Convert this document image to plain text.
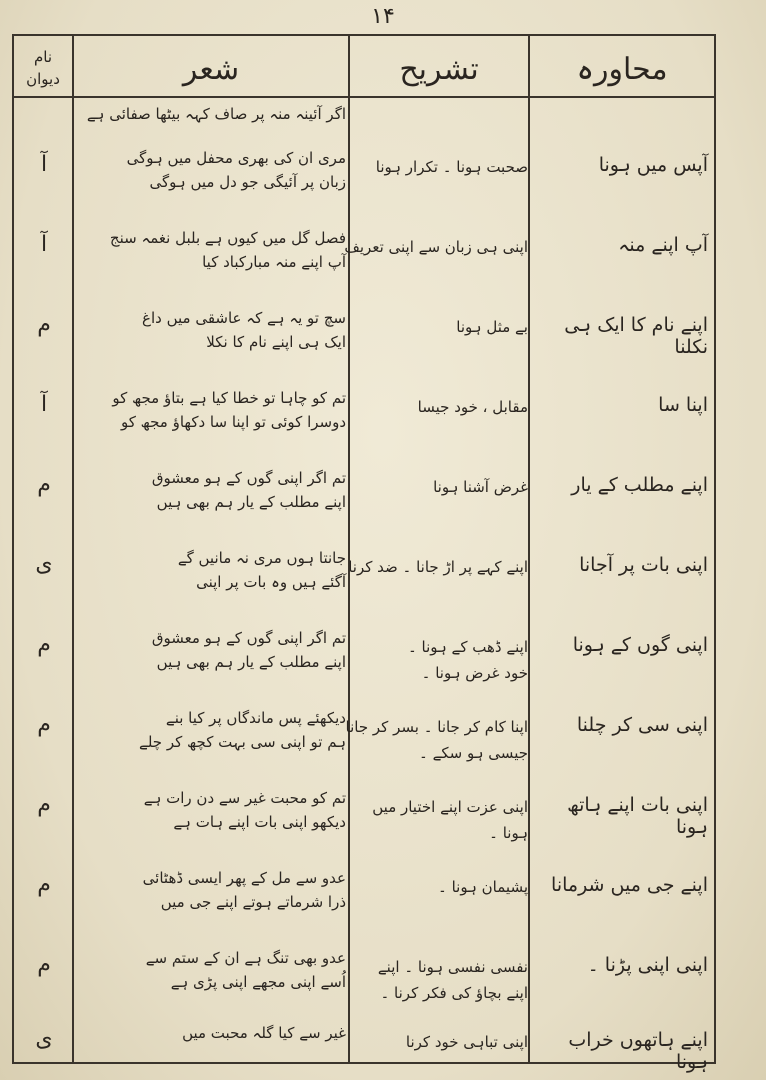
۱۴
محاورہ
تشریح
شعر
نام
دیوان
اگر آئینہ منہ پر صاف کہہ بیٹھا صفائی ہے
آپس میں ہونا
صحبت ہونا ۔ تکرار ہونا
مری ان کی بھری محفل میں ہوگی
زبان پر آئیگی جو دل میں ہوگی
آ
آپ اپنے منہ
اپنی ہی زبان سے اپنی تعریف
فصل گل میں کیوں ہے بلبل نغمہ سنج
آپ اپنے منہ مبارکباد کیا
آ
اپنے نام کا ایک ہی نکلنا
بے مثل ہونا
سچ تو یہ ہے کہ عاشقی میں داغ
ایک ہی اپنے نام کا نکلا
م
اپنا سا
مقابل ، خود جیسا
تم کو چاہا تو خطا کیا ہے بتاؤ مجھ کو
دوسرا کوئی تو اپنا سا دکھاؤ مجھ کو
آ
اپنے مطلب کے یار
غرض آشنا ہونا
تم اگر اپنی گوں کے ہو معشوق
اپنے مطلب کے یار ہم بھی ہیں
م
اپنی بات پر آجانا
اپنے کہے پر اڑ جانا ۔ ضد کرنا
جانتا ہوں مری نہ مانیں گے
آگئے ہیں وہ بات پر اپنی
ی
اپنی گوں کے ہونا
اپنے ڈھب کے ہونا ۔
خود غرض ہونا ۔
تم اگر اپنی گوں کے ہو معشوق
اپنے مطلب کے یار ہم بھی ہیں
م
اپنی سی کر چلنا
اپنا کام کر جانا ۔ بسر کر جانا
جیسی ہو سکے ۔
دیکھئے پس ماندگاں پر کیا بنے
ہم تو اپنی سی بہت کچھ کر چلے
م
اپنی بات اپنے ہاتھ ہونا
اپنی عزت اپنے اختیار میں
ہونا ۔
تم کو محبت غیر سے دن رات ہے
دیکھو اپنی بات اپنے ہات ہے
م
اپنے جی میں شرمانا
پشیمان ہونا ۔
عدو سے مل کے پھر ایسی ڈھٹائی
ذرا شرماتے ہوتے اپنے جی میں
م
اپنی اپنی پڑنا ۔
نفسی نفسی ہونا ۔ اپنے
اپنے بچاؤ کی فکر کرنا ۔
عدو بھی تنگ ہے ان کے ستم سے
اُسے اپنی مجھے اپنی پڑی ہے
م
اپنے ہاتھوں خراب ہونا
اپنی تباہی خود کرنا
غیر سے کیا گلہ محبت میں
ی
